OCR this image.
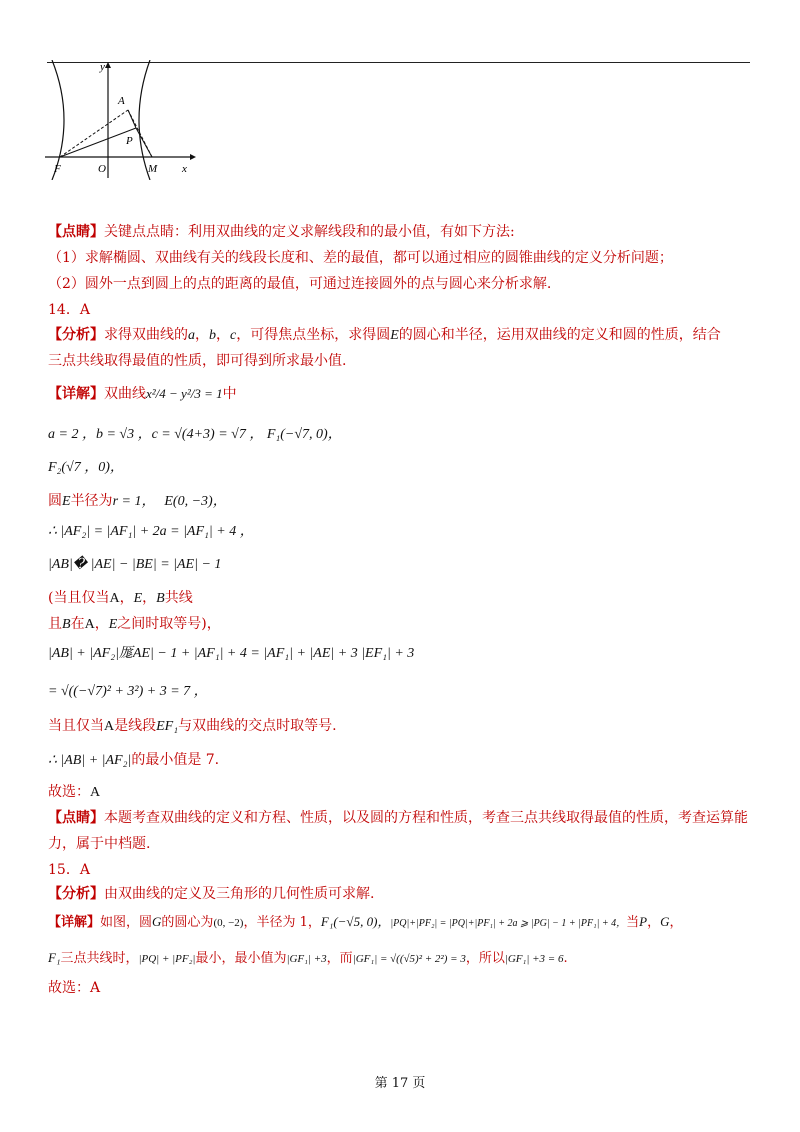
y
A
P
F	O	M x
【点睛】关键点点睛：利用双曲线的定义求解线段和的最小值，有如下方法:
（1）求解椭圆、双曲线有关的线段长度和、差的最值，都可以通过相应的圆锥曲线的定义分析问题；
（2）圆外一点到圆上的点的距离的最值，可通过连接圆外的点与圆心来分析求解.
14．A
【分析】求得双曲线的a，b，c，可得焦点坐标，求得圆E的圆心和半径，运用双曲线的定义和圆的性质，结合
三点共线取得最值的性质，即可得到所求最小值.
【详解】双曲线x²/4 − y²/3 = 1中
a = 2 ，b = √3 ，c = √(4+3) = √7 ， F₁(−√7, 0)，
F₂(√7 ，0)，
圆E半径为r = 1， E(0, −3)，
∴ |AF₂| = |AF₁| + 2a = |AF₁| + 4 ，
|AB|� |AE| − |BE| = |AE| − 1
(当且仅当A，E，B共线
且B在A，E之间时取等号)，
|AB| + |AF₂|厖AE| − 1 + |AF₁| + 4 = |AF₁| + |AE| + 3 |EF₁| + 3
= √((−√7)² + 3²) + 3 = 7 ，
当且仅当A是线段EF₁与双曲线的交点时取等号.
∴ |AB| + |AF₂|的最小值是 7.
故选：A
【点睛】本题考查双曲线的定义和方程、性质，以及圆的方程和性质，考查三点共线取得最值的性质，考查运算能
力，属于中档题.
15．A
【分析】由双曲线的定义及三角形的几何性质可求解.
【详解】如图，圆G的圆心为(0, −2)，半径为 1，F₁(−√5, 0)，|PQ|+|PF₂| = |PQ|+|PF₁| + 2a ⩾ |PG| − 1 + |PF₁| + 4，当P，G，
F₁三点共线时，|PQ| + |PF₂|最小，最小值为|GF₁| +3，而|GF₁| = √((√5)² + 2²) = 3，所以|GF₁| +3 = 6.
故选：A
第 17 页
